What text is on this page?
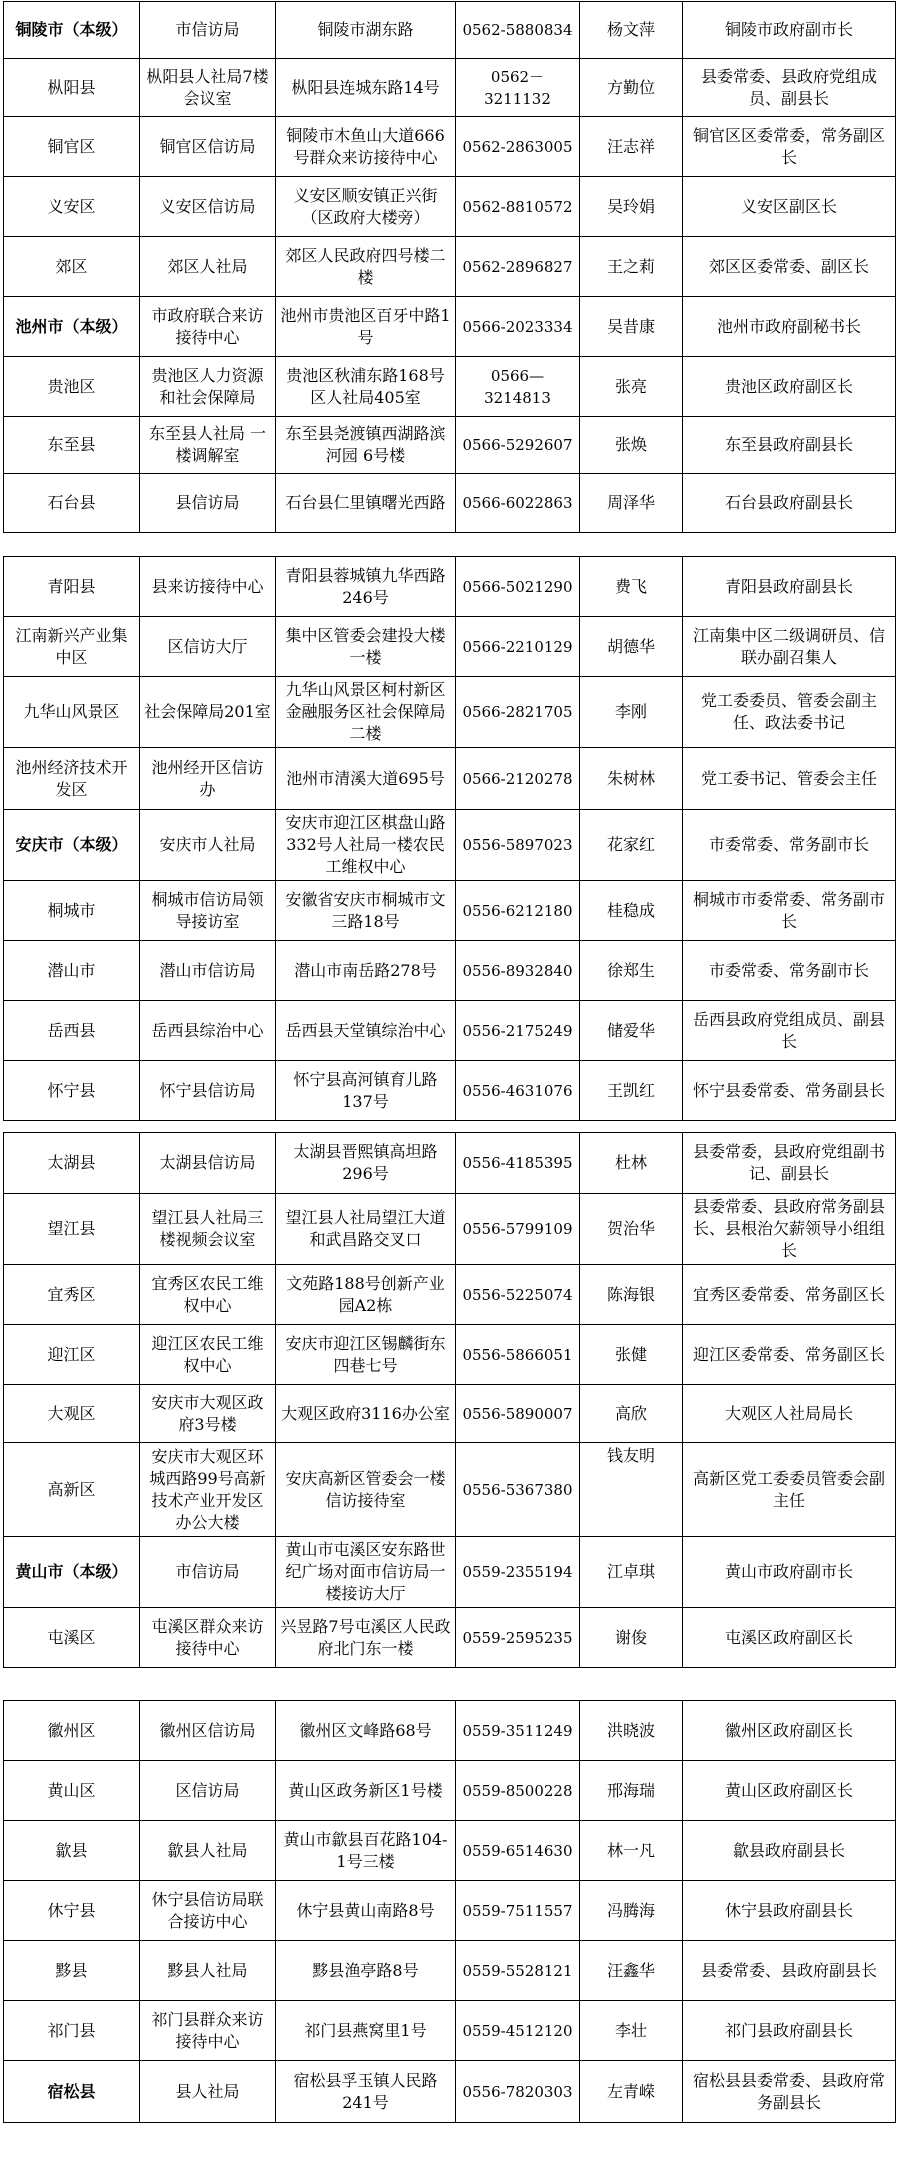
铜陵市（本级）	市信访局	铜陵市湖东路	0562-5880834	杨文萍	铜陵市政府副市长
枞阳县	枞阳县人社局7楼会议室	枞阳县连城东路14号	0562－3211132	方勤位	县委常委、县政府党组成员、副县长
铜官区	铜官区信访局	铜陵市木鱼山大道666号群众来访接待中心	0562-2863005	汪志祥	铜官区区委常委，常务副区长
义安区	义安区信访局	义安区顺安镇正兴街（区政府大楼旁）	0562-8810572	吴玲娟	义安区副区长
郊区	郊区人社局	郊区人民政府四号楼二楼	0562-2896827	王之莉	郊区区委常委、副区长
池州市（本级）	市政府联合来访接待中心	池州市贵池区百牙中路1号	0566-2023334	吴昔康	池州市政府副秘书长
贵池区	贵池区人力资源和社会保障局	贵池区秋浦东路168号区人社局405室	0566—3214813	张亮	贵池区政府副区长
东至县	东至县人社局 一楼调解室	东至县尧渡镇西湖路滨河园 6号楼	0566-5292607	张焕	东至县政府副县长
石台县	县信访局	石台县仁里镇曙光西路	0566-6022863	周泽华	石台县政府副县长
青阳县	县来访接待中心	青阳县蓉城镇九华西路246号	0566-5021290	费飞	青阳县政府副县长
江南新兴产业集中区	区信访大厅	集中区管委会建投大楼一楼	0566-2210129	胡德华	江南集中区二级调研员、信联办副召集人
九华山风景区	社会保障局201室	九华山风景区柯村新区金融服务区社会保障局二楼	0566-2821705	李刚	党工委委员、管委会副主任、政法委书记
池州经济技术开发区	池州经开区信访办	池州市清溪大道695号	0566-2120278	朱树林	党工委书记、管委会主任
安庆市（本级）	安庆市人社局	安庆市迎江区棋盘山路332号人社局一楼农民工维权中心	0556-5897023	花家红	市委常委、常务副市长
桐城市	桐城市信访局领导接访室	安徽省安庆市桐城市文三路18号	0556-6212180	桂稳成	桐城市市委常委、常务副市长
潜山市	潜山市信访局	潜山市南岳路278号	0556-8932840	徐郑生	市委常委、常务副市长
岳西县	岳西县综治中心	岳西县天堂镇综治中心	0556-2175249	储爱华	岳西县政府党组成员、副县长
怀宁县	怀宁县信访局	怀宁县高河镇育儿路137号	0556-4631076	王凯红	怀宁县委常委、常务副县长
太湖县	太湖县信访局	太湖县晋熙镇高坦路296号	0556-4185395	杜林	县委常委，县政府党组副书记、副县长
望江县	望江县人社局三楼视频会议室	望江县人社局望江大道和武昌路交叉口	0556-5799109	贺治华	县委常委、县政府常务副县长、县根治欠薪领导小组组长
宜秀区	宜秀区农民工维权中心	文苑路188号创新产业园A2栋	0556-5225074	陈海银	宜秀区委常委、常务副区长
迎江区	迎江区农民工维权中心	安庆市迎江区锡麟街东四巷七号	0556-5866051	张健	迎江区委常委、常务副区长
大观区	安庆市大观区政府3号楼	大观区政府3116办公室	0556-5890007	高欣	大观区人社局局长
高新区	安庆市大观区环城西路99号高新技术产业开发区办公大楼	安庆高新区管委会一楼信访接待室	0556-5367380	钱友明	高新区党工委委员管委会副主任
黄山市（本级）	市信访局	黄山市屯溪区安东路世纪广场对面市信访局一楼接访大厅	0559-2355194	江卓琪	黄山市政府副市长
屯溪区	屯溪区群众来访接待中心	兴昱路7号屯溪区人民政府北门东一楼	0559-2595235	谢俊	屯溪区政府副区长
徽州区	徽州区信访局	徽州区文峰路68号	0559-3511249	洪晓波	徽州区政府副区长
黄山区	区信访局	黄山区政务新区1号楼	0559-8500228	邢海瑞	黄山区政府副区长
歙县	歙县人社局	黄山市歙县百花路104-1号三楼	0559-6514630	林一凡	歙县政府副县长
休宁县	休宁县信访局联合接访中心	休宁县黄山南路8号	0559-7511557	冯腾海	休宁县政府副县长
黟县	黟县人社局	黟县渔亭路8号	0559-5528121	汪鑫华	县委常委、县政府副县长
祁门县	祁门县群众来访接待中心	祁门县燕窝里1号	0559-4512120	李壮	祁门县政府副县长
宿松县	县人社局	宿松县孚玉镇人民路241号	0556-7820303	左青嵘	宿松县县委常委、县政府常务副县长
